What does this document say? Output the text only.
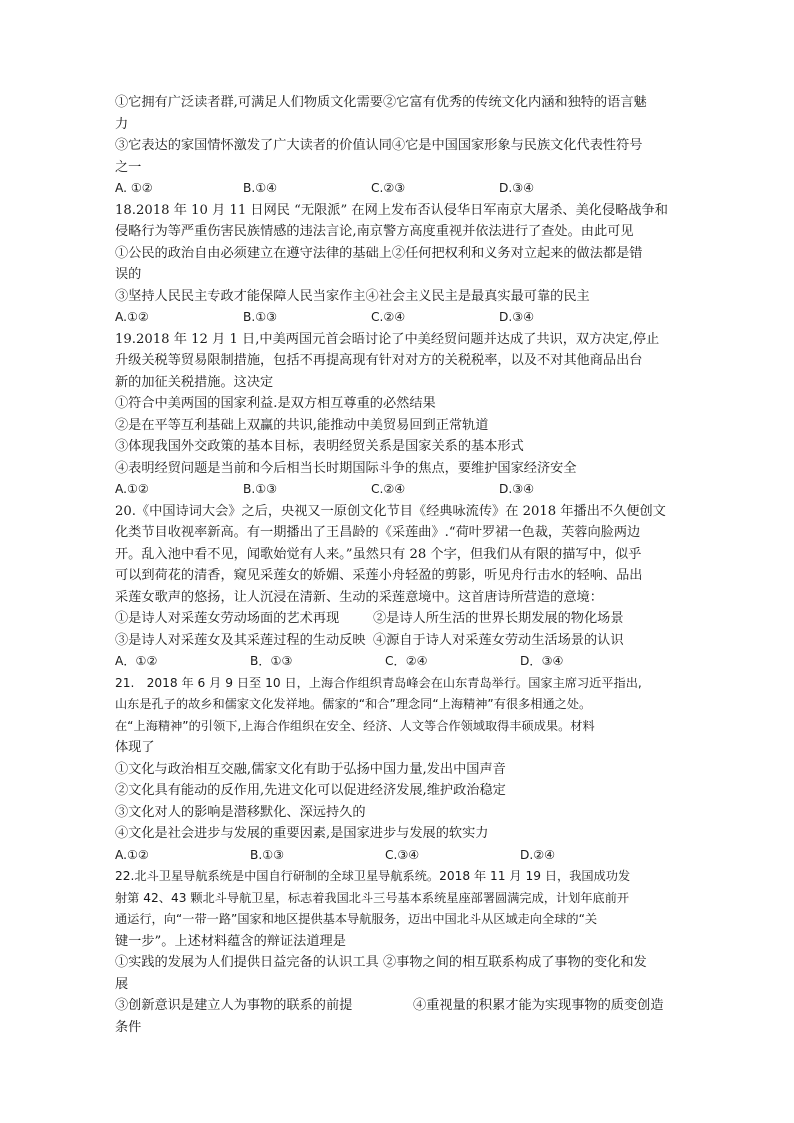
①它拥有广泛读者群,可满足人们物质文化需要②它富有优秀的传统文化内涵和独特的语言魅

力

③它表达的家国情怀激发了广大读者的价值认同④它是中国国家形象与民族文化代表性符号

之一

A. ①②	B.①④	C.②③	D.③④

18.2018 年 10 月 11 日网民 “无限派” 在网上发布否认侵华日军南京大屠杀、美化侵略战争和

侵略行为等严重伤害民族情感的违法言论,南京警方高度重视并依法进行了查处。由此可见

①公民的政治自由必须建立在遵守法律的基础上②任何把权利和义务对立起来的做法都是错

误的

③坚持人民民主专政才能保障人民当家作主④社会主义民主是最真实最可靠的民主

A.①②	B.①③	C.②④	D.③④

19.2018 年 12 月 1 日,中美两国元首会晤讨论了中美经贸问题并达成了共识，双方决定,停止

升级关税等贸易限制措施，包括不再提高现有针对对方的关税税率，以及不对其他商品出台

新的加征关税措施。这决定

①符合中美两国的国家利益.是双方相互尊重的必然结果

②是在平等互利基础上双赢的共识,能推动中美贸易回到正常轨道

③体现我国外交政策的基本目标，表明经贸关系是国家关系的基本形式

④表明经贸问题是当前和今后相当长时期国际斗争的焦点，要维护国家经济安全

A.①②	B.①③	C.②④	D.③④

20.《中国诗词大会》之后，央视又一原创文化节目《经典咏流传》在 2018 年播出不久便创文

化类节目收视率新高。有一期播出了王昌龄的《采莲曲》.“荷叶罗裙一色裁，芙蓉向脸两边

开。乱入池中看不见，闻歌始觉有人来。”虽然只有 28 个字，但我们从有限的描写中，似乎

可以到荷花的清香，窥见采莲女的娇媚、采莲小舟轻盈的剪影，听见舟行击水的轻响、品出

采莲女歌声的悠扬，让人沉浸在清新、生动的采莲意境中。这首唐诗所营造的意境：

①是诗人对采莲女劳动场面的艺术再现	②是诗人所生活的世界长期发展的物化场景
③是诗人对采莲女及其采莲过程的生动反映 ④源自于诗人对采莲女劳动生活场景的认识
A．①②	B．①③	C．②④	D．③④

21.　2018 年 6 月 9 日至 10 日，上海合作组织青岛峰会在山东青岛举行。国家主席习近平指出,

山东是孔子的故乡和儒家文化发祥地。儒家的“和合”理念同“上海精神”有很多相通之处。

在“上海精神”的引领下,上海合作组织在安全、经济、人文等合作领域取得丰硕成果。材料

体现了

①文化与政治相互交融,儒家文化有助于弘扬中国力量,发出中国声音

②文化具有能动的反作用,先进文化可以促进经济发展,维护政治稳定

③文化对人的影响是潜移默化、深远持久的

④文化是社会进步与发展的重要因素,是国家进步与发展的软实力

A.①②	B.①③	C.③④	D.②④

22.北斗卫星导航系统是中国自行研制的全球卫星导航系统。2018 年 11 月 19 日，我国成功发

射第 42、43 颗北斗导航卫星，标志着我国北斗三号基本系统星座部署圆满完成，计划年底前开

通运行，向“一带一路”国家和地区提供基本导航服务，迈出中国北斗从区域走向全球的“关

键一步”。上述材料蕴含的辩证法道理是

①实践的发展为人们提供日益完备的认识工具 ②事物之间的相互联系构成了事物的变化和发

展

③创新意识是建立人为事物的联系的前提	④重视量的积累才能为实现事物的质变创造

条件
